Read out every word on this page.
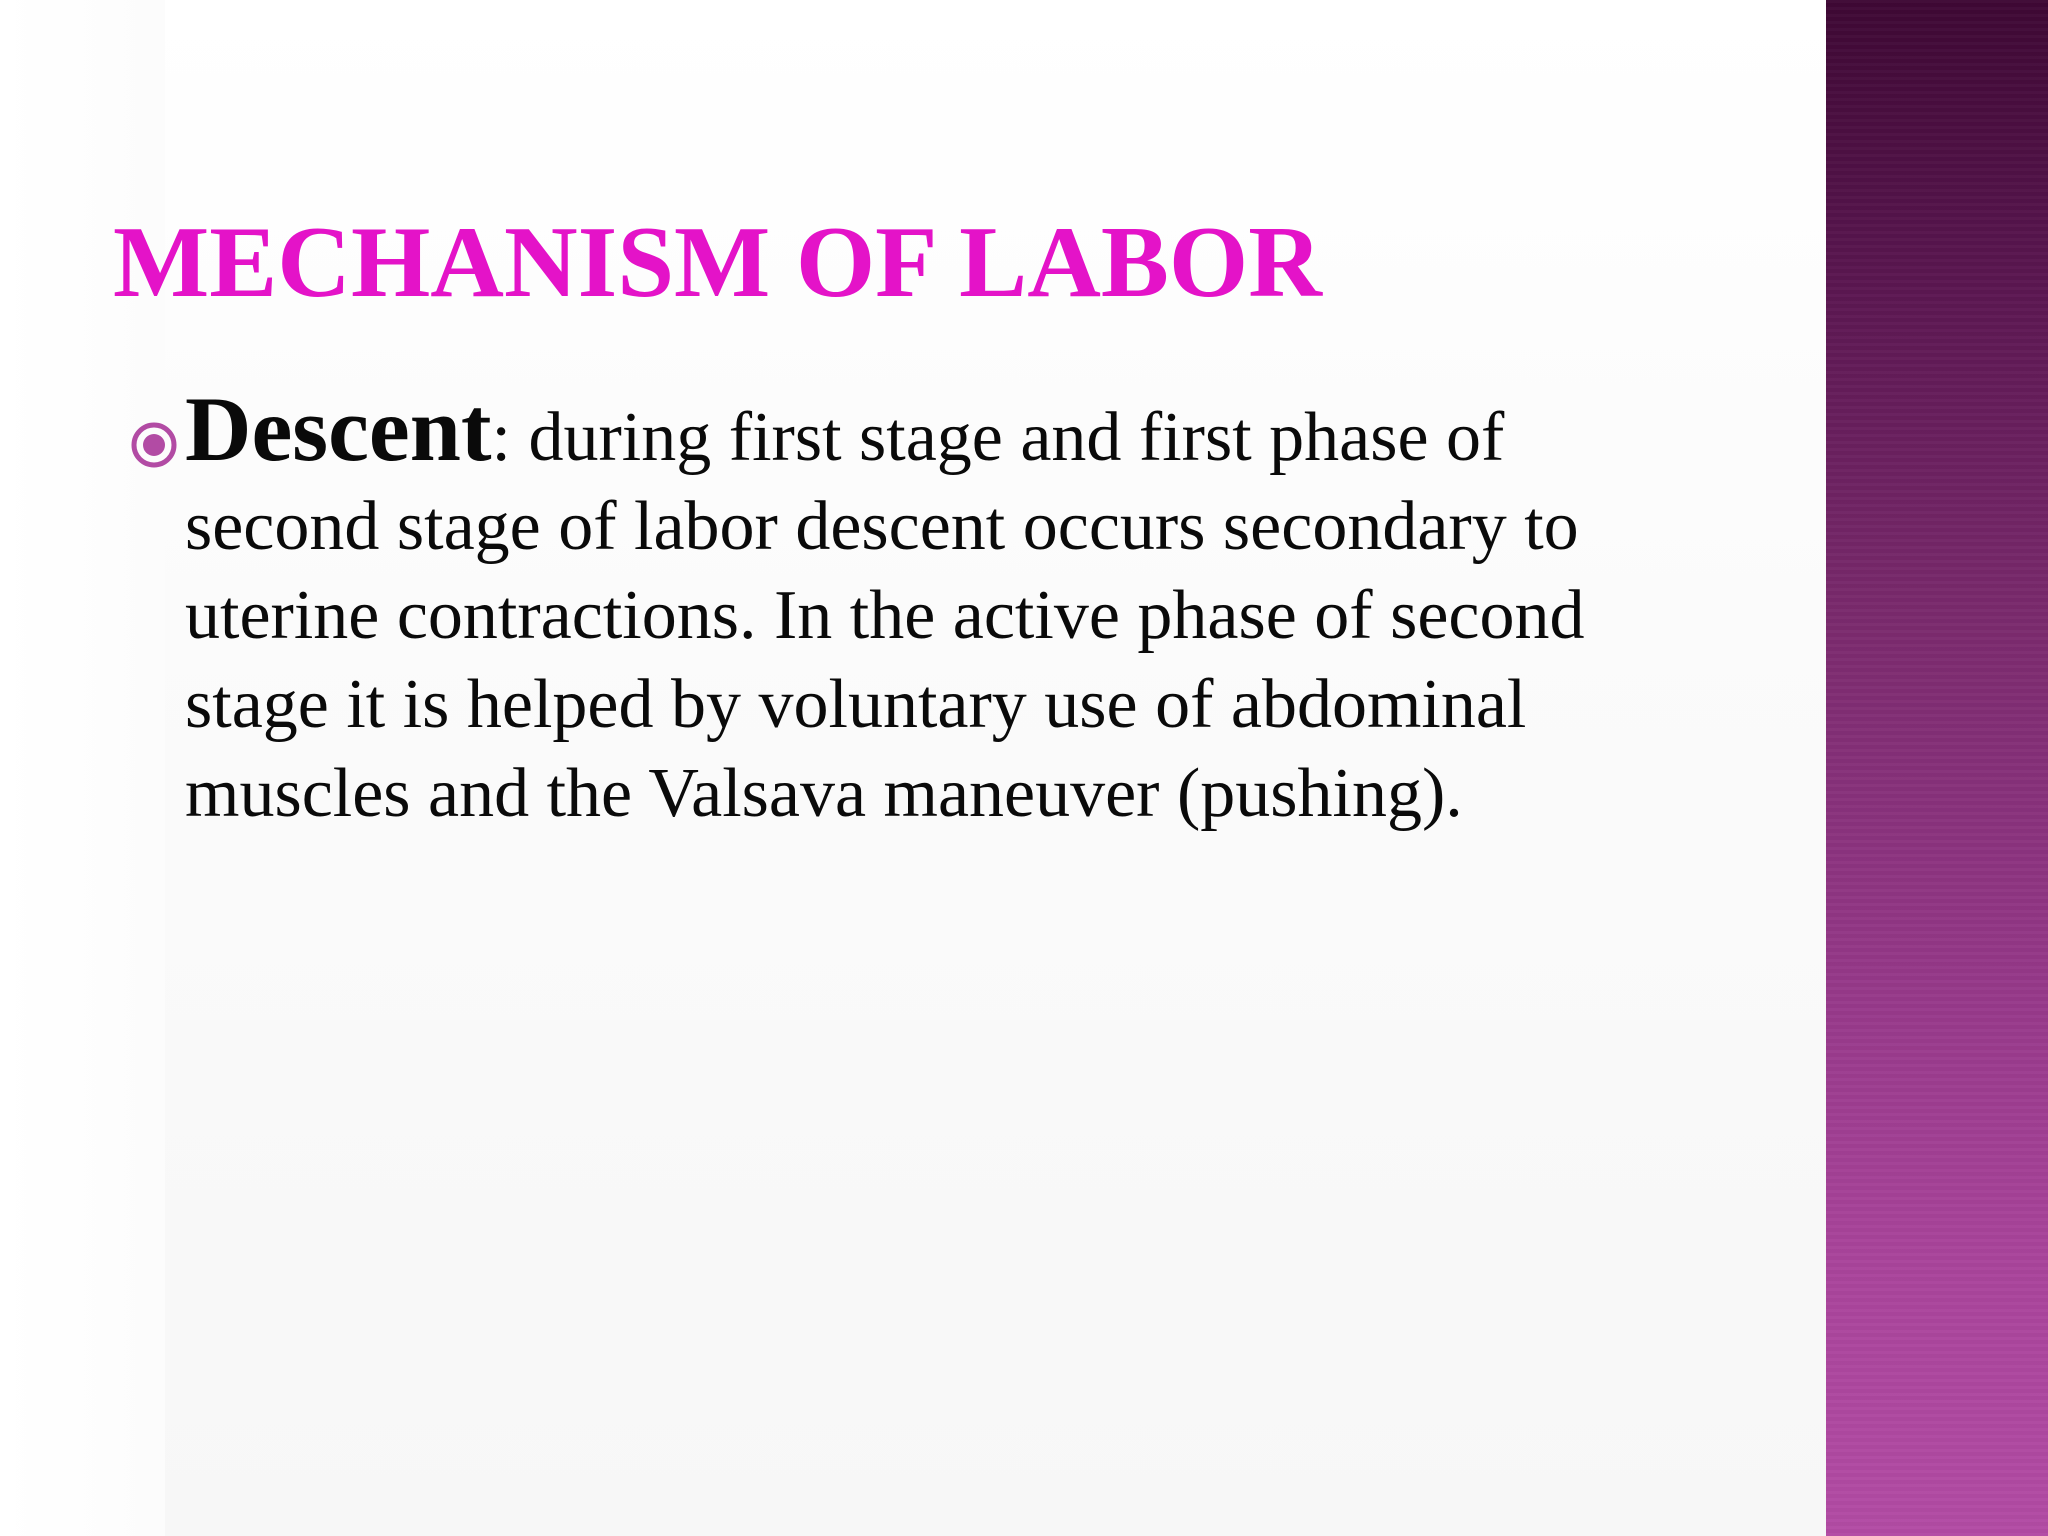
MECHANISM OF LABOR

Descent: during first stage and first phase of second stage of labor descent occurs secondary to uterine contractions. In the active phase of second stage it is helped by voluntary use of abdominal muscles and the Valsava maneuver (pushing).
